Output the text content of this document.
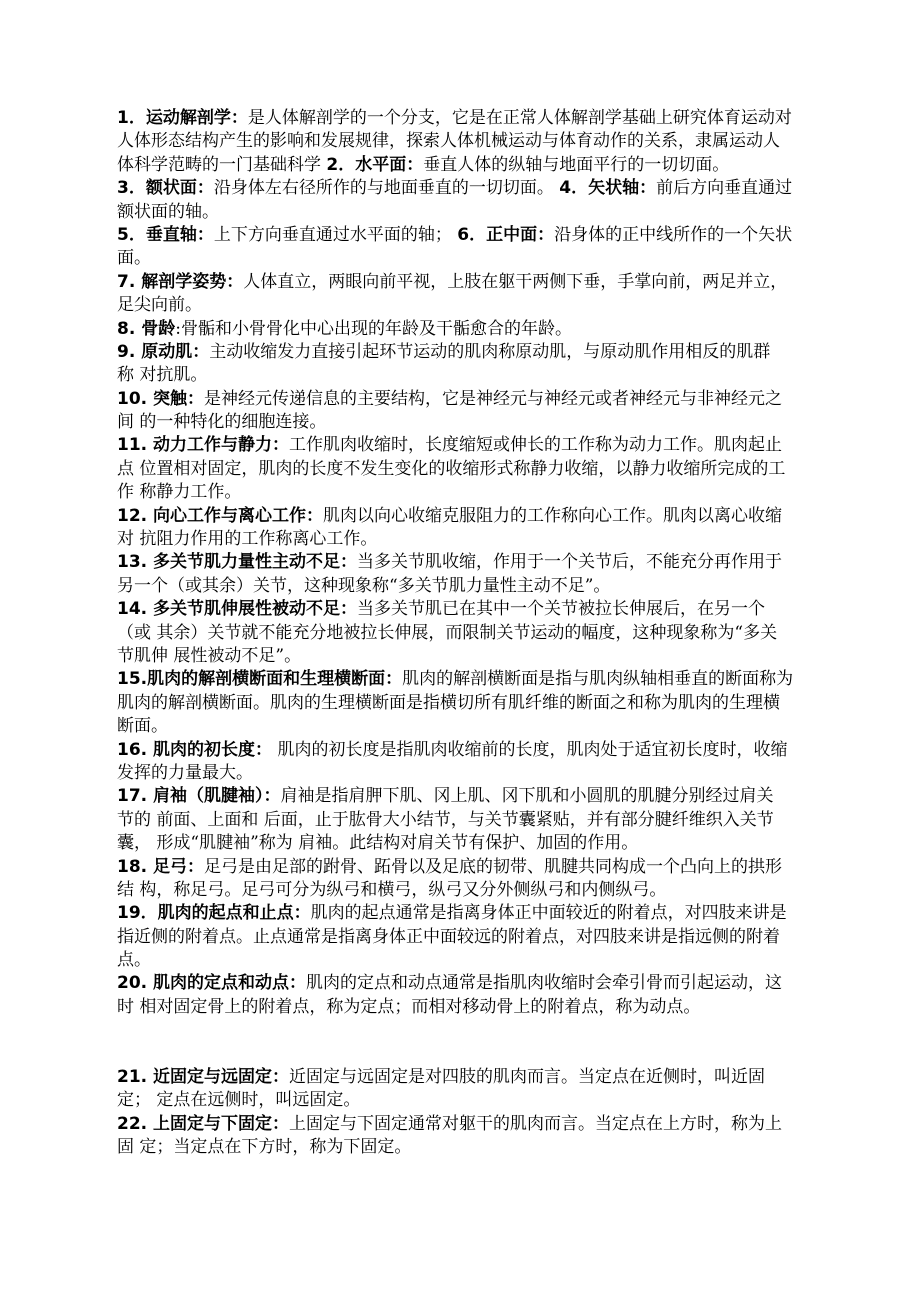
1．运动解剖学：是人体解剖学的一个分支，它是在正常人体解剖学基础上研究体育运动对
人体形态结构产生的影响和发展规律，探索人体机械运动与体育动作的关系，隶属运动人
体科学范畴的一门基础科学 2．水平面：垂直人体的纵轴与地面平行的一切切面。
3．额状面：沿身体左右径所作的与地面垂直的一切切面。 4．矢状轴：前后方向垂直通过
额状面的轴。
5．垂直轴：上下方向垂直通过水平面的轴； 6．正中面：沿身体的正中线所作的一个矢状
面。
7. 解剖学姿势：人体直立，两眼向前平视，上肢在躯干两侧下垂，手掌向前，两足并立，
足尖向前。
8. 骨龄:骨骺和小骨骨化中心出现的年龄及干骺愈合的年龄。
9. 原动肌：主动收缩发力直接引起环节运动的肌肉称原动肌，与原动肌作用相反的肌群
称 对抗肌。
10. 突触：是神经元传递信息的主要结构，它是神经元与神经元或者神经元与非神经元之
间 的一种特化的细胞连接。
11. 动力工作与静力：工作肌肉收缩时，长度缩短或伸长的工作称为动力工作。肌肉起止
点 位置相对固定，肌肉的长度不发生变化的收缩形式称静力收缩，以静力收缩所完成的工
作 称静力工作。
12. 向心工作与离心工作：肌肉以向心收缩克服阻力的工作称向心工作。肌肉以离心收缩
对 抗阻力作用的工作称离心工作。
13. 多关节肌力量性主动不足：当多关节肌收缩，作用于一个关节后，不能充分再作用于
另一个（或其余）关节，这种现象称“多关节肌力量性主动不足”。
14. 多关节肌伸展性被动不足：当多关节肌已在其中一个关节被拉长伸展后，在另一个
（或 其余）关节就不能充分地被拉长伸展，而限制关节运动的幅度，这种现象称为“多关
节肌伸 展性被动不足”。
15.肌肉的解剖横断面和生理横断面：肌肉的解剖横断面是指与肌肉纵轴相垂直的断面称为
肌肉的解剖横断面。肌肉的生理横断面是指横切所有肌纤维的断面之和称为肌肉的生理横
断面。
16. 肌肉的初长度： 肌肉的初长度是指肌肉收缩前的长度，肌肉处于适宜初长度时，收缩
发挥的力量最大。
17. 肩袖（肌腱袖）：肩袖是指肩胛下肌、冈上肌、冈下肌和小圆肌的肌腱分别经过肩关
节的 前面、上面和 后面，止于肱骨大小结节，与关节囊紧贴，并有部分腱纤维织入关节
囊， 形成“肌腱袖”称为 肩袖。此结构对肩关节有保护、加固的作用。
18. 足弓：足弓是由足部的跗骨、跖骨以及足底的韧带、肌腱共同构成一个凸向上的拱形
结 构，称足弓。足弓可分为纵弓和横弓，纵弓又分外侧纵弓和内侧纵弓。
19．肌肉的起点和止点：肌肉的起点通常是指离身体正中面较近的附着点，对四肢来讲是
指近侧的附着点。止点通常是指离身体正中面较远的附着点，对四肢来讲是指远侧的附着
点。
20. 肌肉的定点和动点：肌肉的定点和动点通常是指肌肉收缩时会牵引骨而引起运动，这
时 相对固定骨上的附着点，称为定点；而相对移动骨上的附着点，称为动点。
21. 近固定与远固定：近固定与远固定是对四肢的肌肉而言。当定点在近侧时，叫近固
定； 定点在远侧时，叫远固定。
22. 上固定与下固定：上固定与下固定通常对躯干的肌肉而言。当定点在上方时，称为上
固 定；当定点在下方时，称为下固定。
